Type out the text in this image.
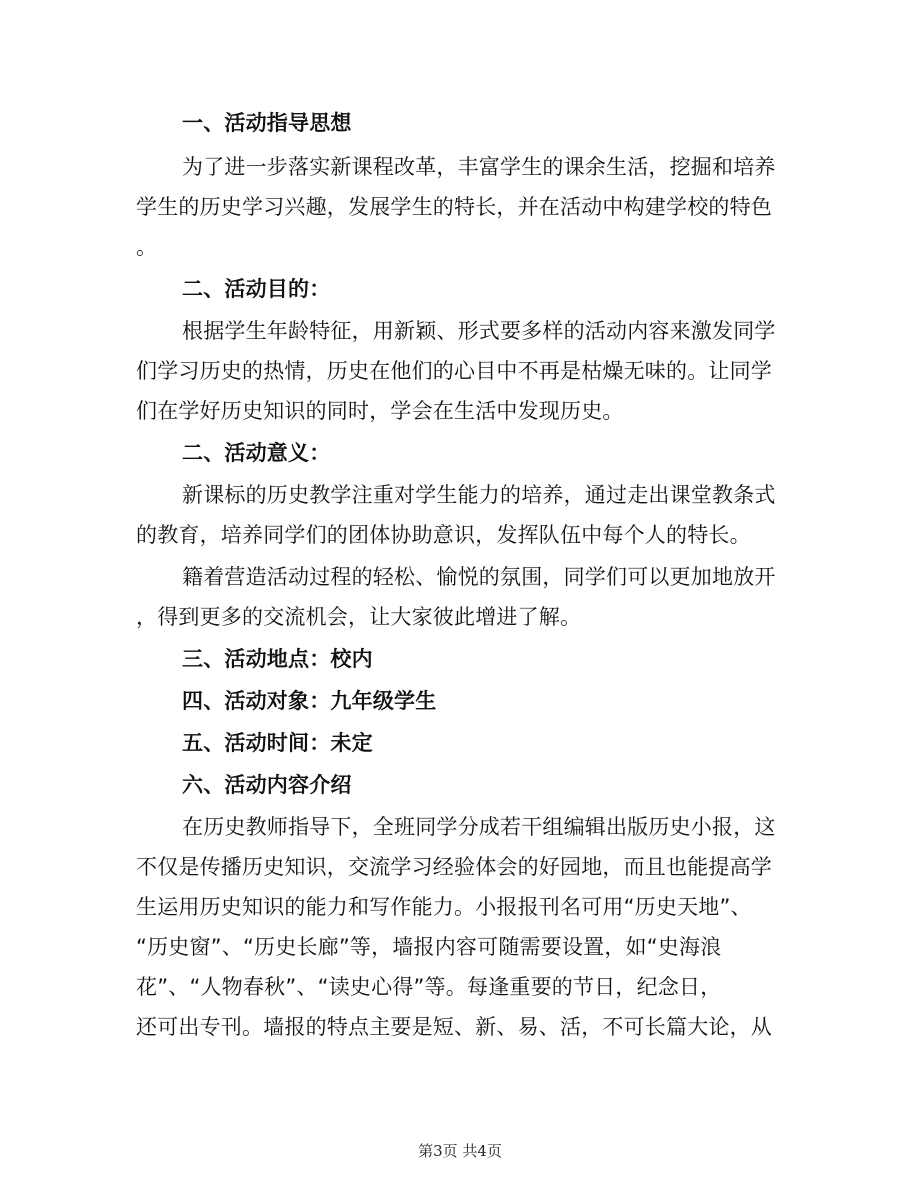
一、活动指导思想
为了进一步落实新课程改革，丰富学生的课余生活，挖掘和培养
学生的历史学习兴趣，发展学生的特长，并在活动中构建学校的特色
。
二、活动目的：
根据学生年龄特征，用新颖、形式要多样的活动内容来激发同学
们学习历史的热情，历史在他们的心目中不再是枯燥无味的。让同学
们在学好历史知识的同时，学会在生活中发现历史。
二、活动意义：
新课标的历史教学注重对学生能力的培养，通过走出课堂教条式
的教育，培养同学们的团体协助意识，发挥队伍中每个人的特长。
籍着营造活动过程的轻松、愉悦的氛围，同学们可以更加地放开
，得到更多的交流机会，让大家彼此增进了解。
三、活动地点：校内
四、活动对象：九年级学生
五、活动时间：未定
六、活动内容介绍
在历史教师指导下，全班同学分成若干组编辑出版历史小报，这
不仅是传播历史知识，交流学习经验体会的好园地，而且也能提高学
生运用历史知识的能力和写作能力。小报报刊名可用“历史天地”、
“历史窗”、“历史长廊”等，墙报内容可随需要设置，如“史海浪
花”、“人物春秋”、“读史心得”等。每逢重要的节日，纪念日，
还可出专刊。墙报的特点主要是短、新、易、活，不可长篇大论，从
第3页 共4页
